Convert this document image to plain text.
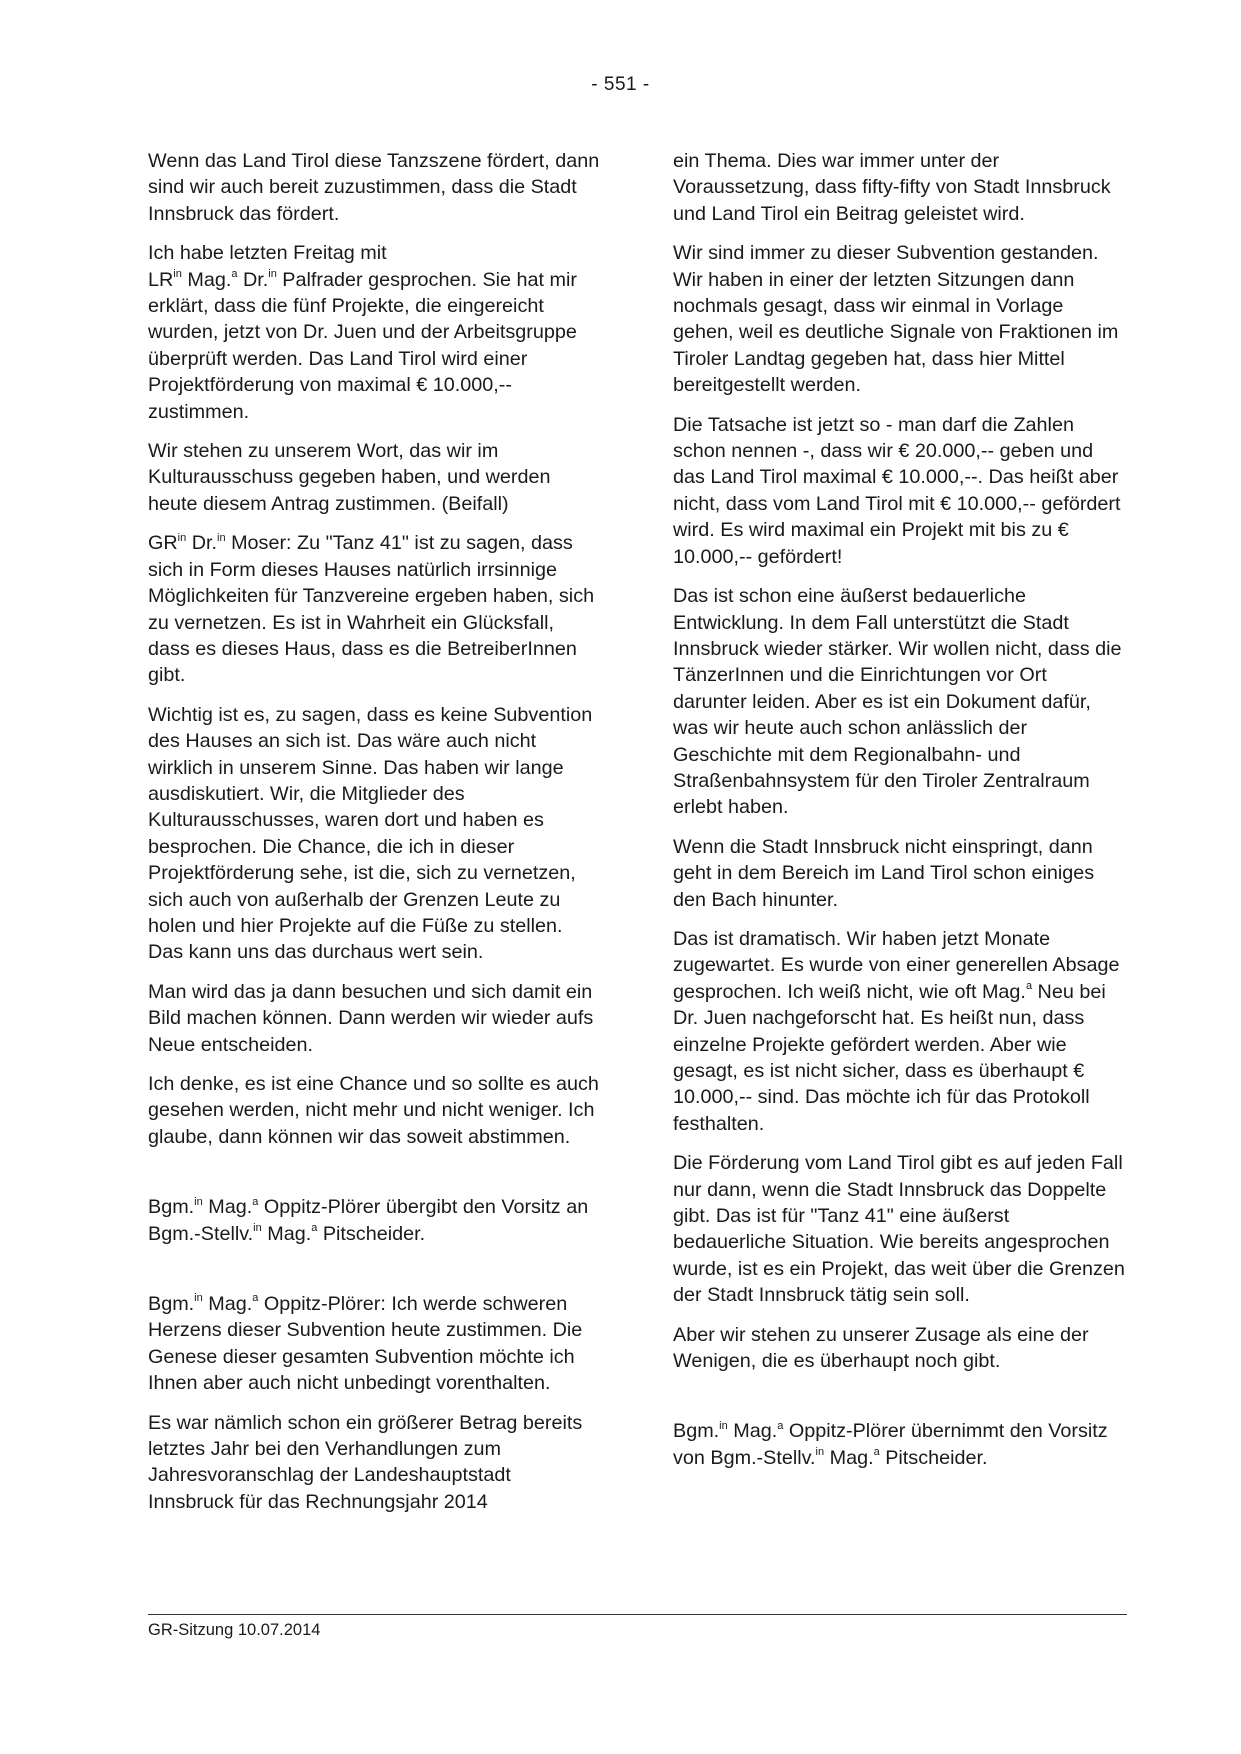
- 551 -

Wenn das Land Tirol diese Tanzszene fördert, dann sind wir auch bereit zuzustimmen, dass die Stadt Innsbruck das fördert.

Ich habe letzten Freitag mit
$LR^{in}$ Mag.$^a$ Dr.$^{in}$ Palfrader gesprochen. Sie hat mir erklärt, dass die fünf Projekte, die eingereicht wurden, jetzt von Dr. Juen und der Arbeitsgruppe überprüft werden. Das Land Tirol wird einer Projektförderung von maximal € 10.000,-- zustimmen.

Wir stehen zu unserem Wort, das wir im Kulturausschuss gegeben haben, und werden heute diesem Antrag zustimmen. (Beifall)

$GR^{in}$ Dr.$^{in}$ Moser: Zu "Tanz 41" ist zu sagen, dass sich in Form dieses Hauses natürlich irrsinnige Möglichkeiten für Tanzvereine ergeben haben, sich zu vernetzen. Es ist in Wahrheit ein Glücksfall, dass es dieses Haus, dass es die BetreiberInnen gibt.

Wichtig ist es, zu sagen, dass es keine Subvention des Hauses an sich ist. Das wäre auch nicht wirklich in unserem Sinne. Das haben wir lange ausdiskutiert. Wir, die Mitglieder des Kulturausschusses, waren dort und haben es besprochen. Die Chance, die ich in dieser Projektförderung sehe, ist die, sich zu vernetzen, sich auch von außerhalb der Grenzen Leute zu holen und hier Projekte auf die Füße zu stellen. Das kann uns das durchaus wert sein.

Man wird das ja dann besuchen und sich damit ein Bild machen können. Dann werden wir wieder aufs Neue entscheiden.

Ich denke, es ist eine Chance und so sollte es auch gesehen werden, nicht mehr und nicht weniger. Ich glaube, dann können wir das soweit abstimmen.

Bgm.$^{in}$ Mag.$^a$ Oppitz-Plörer übergibt den Vorsitz an Bgm.-Stellv.$^{in}$ Mag.$^a$ Pitscheider.

Bgm.$^{in}$ Mag.$^a$ Oppitz-Plörer: Ich werde schweren Herzens dieser Subvention heute zustimmen. Die Genese dieser gesamten Subvention möchte ich Ihnen aber auch nicht unbedingt vorenthalten.

Es war nämlich schon ein größerer Betrag bereits letztes Jahr bei den Verhandlungen zum Jahresvoranschlag der Landeshauptstadt Innsbruck für das Rechnungsjahr 2014

ein Thema. Dies war immer unter der Voraussetzung, dass fifty-fifty von Stadt Innsbruck und Land Tirol ein Beitrag geleistet wird.

Wir sind immer zu dieser Subvention gestanden. Wir haben in einer der letzten Sitzungen dann nochmals gesagt, dass wir einmal in Vorlage gehen, weil es deutliche Signale von Fraktionen im Tiroler Landtag gegeben hat, dass hier Mittel bereitgestellt werden.

Die Tatsache ist jetzt so - man darf die Zahlen schon nennen -, dass wir € 20.000,-- geben und das Land Tirol maximal € 10.000,--. Das heißt aber nicht, dass vom Land Tirol mit € 10.000,-- gefördert wird. Es wird maximal ein Projekt mit bis zu € 10.000,-- gefördert!

Das ist schon eine äußerst bedauerliche Entwicklung. In dem Fall unterstützt die Stadt Innsbruck wieder stärker. Wir wollen nicht, dass die TänzerInnen und die Einrichtungen vor Ort darunter leiden. Aber es ist ein Dokument dafür, was wir heute auch schon anlässlich der Geschichte mit dem Regionalbahn- und Straßenbahnsystem für den Tiroler Zentralraum erlebt haben.

Wenn die Stadt Innsbruck nicht einspringt, dann geht in dem Bereich im Land Tirol schon einiges den Bach hinunter.

Das ist dramatisch. Wir haben jetzt Monate zugewartet. Es wurde von einer generellen Absage gesprochen. Ich weiß nicht, wie oft Mag.$^a$ Neu bei Dr. Juen nachgeforscht hat. Es heißt nun, dass einzelne Projekte gefördert werden. Aber wie gesagt, es ist nicht sicher, dass es überhaupt € 10.000,-- sind. Das möchte ich für das Protokoll festhalten.

Die Förderung vom Land Tirol gibt es auf jeden Fall nur dann, wenn die Stadt Innsbruck das Doppelte gibt. Das ist für "Tanz 41" eine äußerst bedauerliche Situation. Wie bereits angesprochen wurde, ist es ein Projekt, das weit über die Grenzen der Stadt Innsbruck tätig sein soll.

Aber wir stehen zu unserer Zusage als eine der Wenigen, die es überhaupt noch gibt.

Bgm.$^{in}$ Mag.$^a$ Oppitz-Plörer übernimmt den Vorsitz von Bgm.-Stellv.$^{in}$ Mag.$^a$ Pitscheider.

GR-Sitzung 10.07.2014
